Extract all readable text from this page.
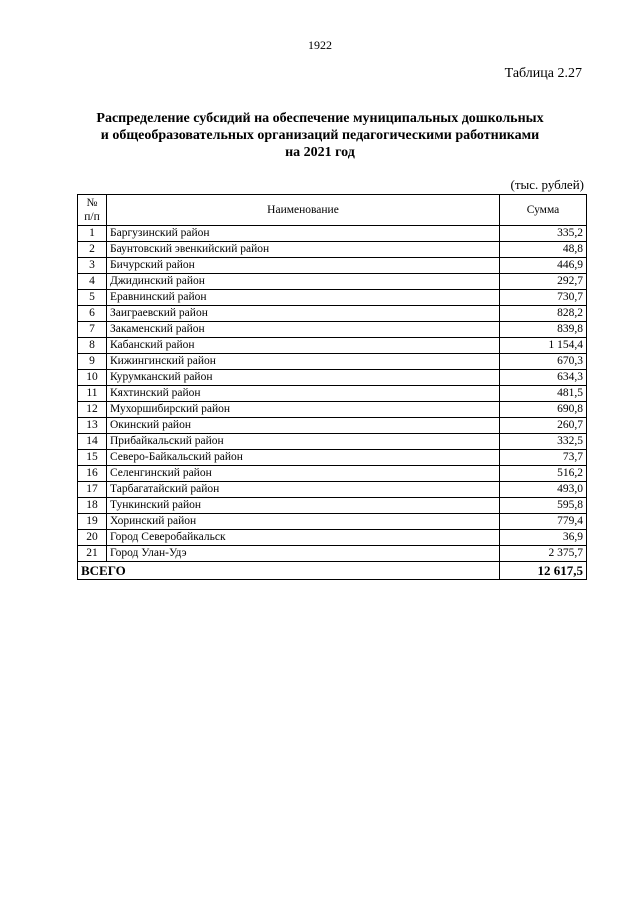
1922
Таблица 2.27
Распределение субсидий на обеспечение муниципальных дошкольных
и общеобразовательных организаций педагогическими работниками
на 2021 год
(тыс. рублей)
№
п/п	Наименование	Сумма
1	Баргузинский район	335,2
2	Баунтовский эвенкийский район	48,8
3	Бичурский район	446,9
4	Джидинский район	292,7
5	Еравнинский район	730,7
6	Заиграевский район	828,2
7	Закаменский район	839,8
8	Кабанский район	1 154,4
9	Кижингинский район	670,3
10	Курумканский район	634,3
11	Кяхтинский район	481,5
12	Мухоршибирский район	690,8
13	Окинский район	260,7
14	Прибайкальский район	332,5
15	Северо-Байкальский район	73,7
16	Селенгинский район	516,2
17	Тарбагатайский район	493,0
18	Тункинский район	595,8
19	Хоринский район	779,4
20	Город Северобайкальск	36,9
21	Город Улан-Удэ	2 375,7
ВСЕГО		12 617,5
